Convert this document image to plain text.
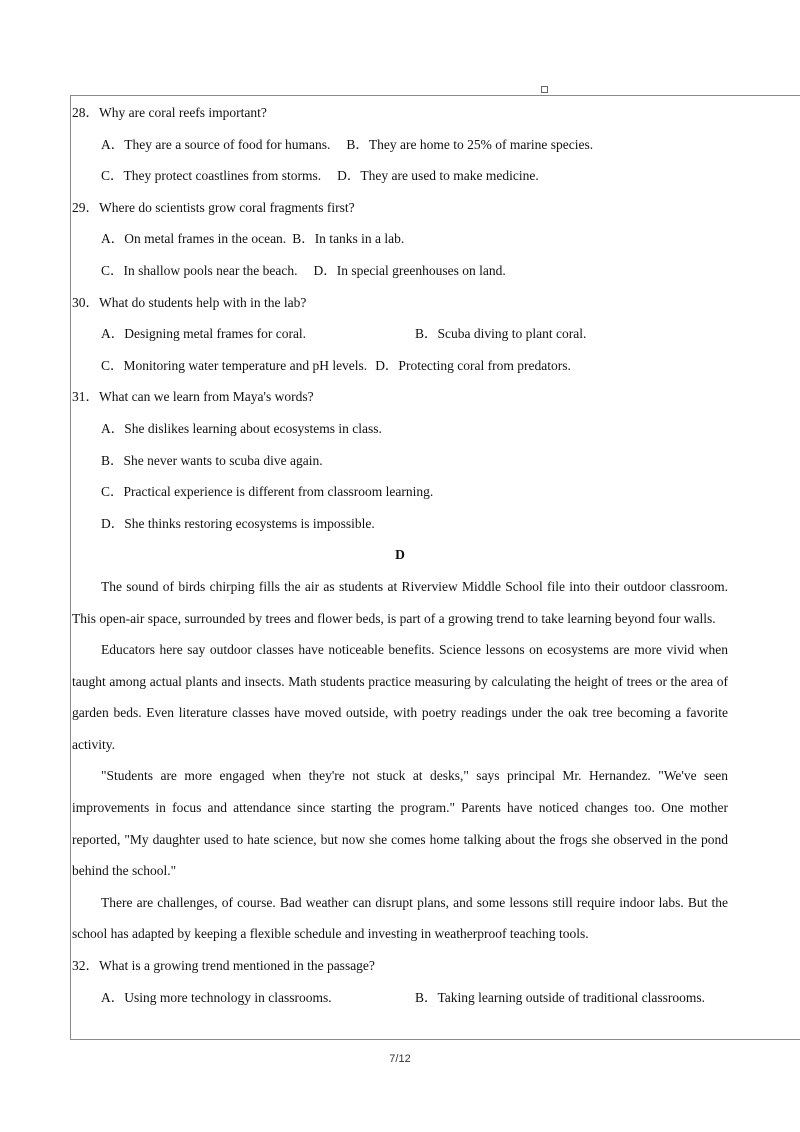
28．Why are coral reefs important?

A．They are a source of food for humans. B．They are home to 25% of marine species.
C．They protect coastlines from storms. D．They are used to make medicine.

29．Where do scientists grow coral fragments first?

A．On metal frames in the ocean. B．In tanks in a lab.
C．In shallow pools near the beach. D．In special greenhouses on land.

30．What do students help with in the lab?

A．Designing metal frames for coral.	B．Scuba diving to plant coral.
C．Monitoring water temperature and pH levels. D．Protecting coral from predators.

31．What can we learn from Maya's words?

A．She dislikes learning about ecosystems in class.

B．She never wants to scuba dive again.

C．Practical experience is different from classroom learning.

D．She thinks restoring ecosystems is impossible.

D

The sound of birds chirping fills the air as students at Riverview Middle School file into their outdoor classroom. This open-air space, surrounded by trees and flower beds, is part of a growing trend to take learning beyond four walls.

Educators here say outdoor classes have noticeable benefits. Science lessons on ecosystems are more vivid when taught among actual plants and insects. Math students practice measuring by calculating the height of trees or the area of garden beds. Even literature classes have moved outside, with poetry readings under the oak tree becoming a favorite activity.

"Students are more engaged when they're not stuck at desks," says principal Mr. Hernandez. "We've seen improvements in focus and attendance since starting the program." Parents have noticed changes too. One mother reported, "My daughter used to hate science, but now she comes home talking about the frogs she observed in the pond behind the school."

There are challenges, of course. Bad weather can disrupt plans, and some lessons still require indoor labs. But the school has adapted by keeping a flexible schedule and investing in weatherproof teaching tools.

32．What is a growing trend mentioned in the passage?

A．Using more technology in classrooms.	B．Taking learning outside of traditional classrooms.
7/12
